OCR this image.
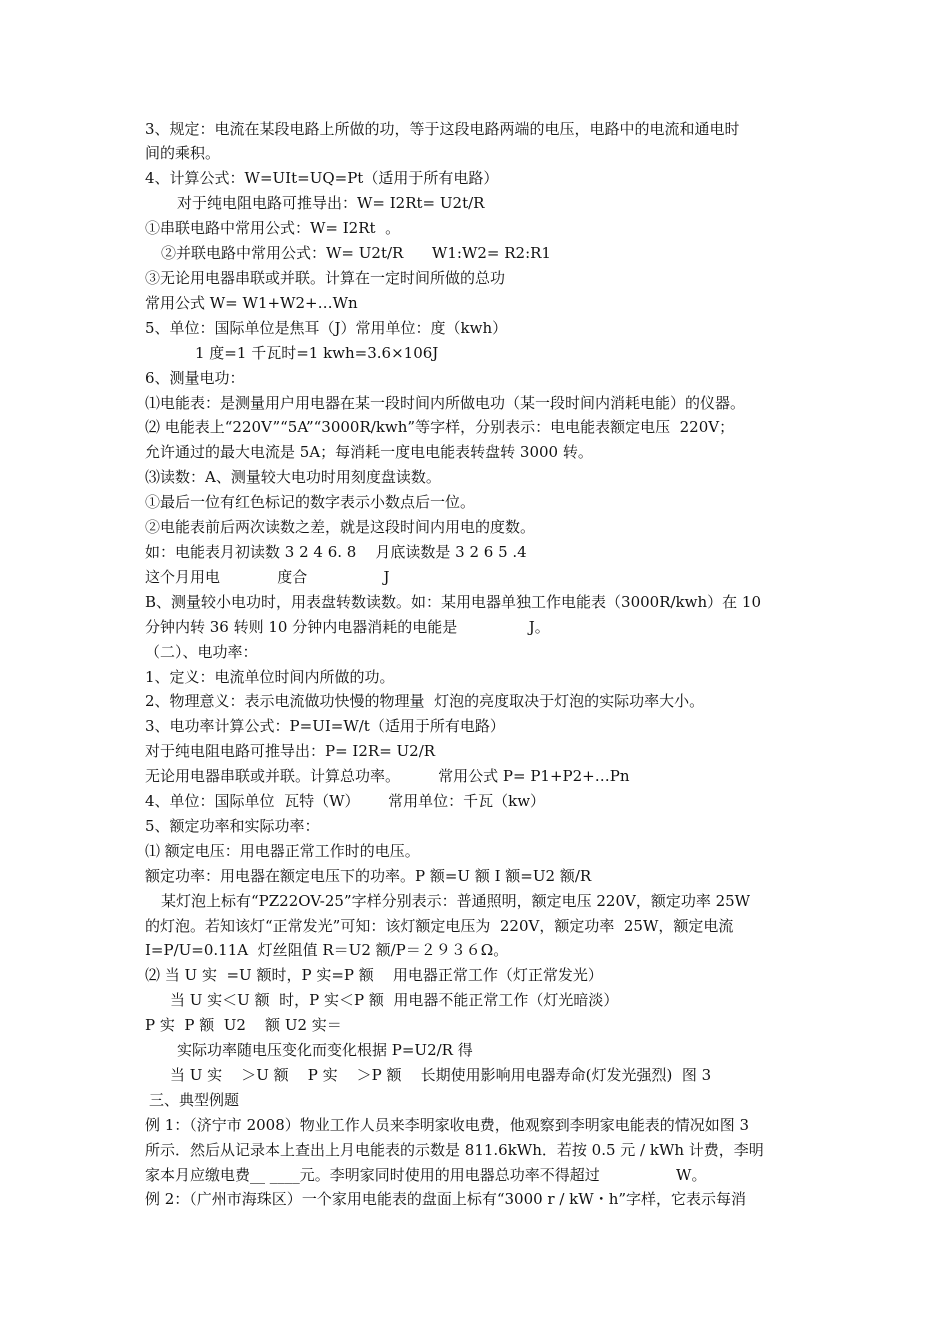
3、规定：电流在某段电路上所做的功，等于这段电路两端的电压，电路中的电流和通电时
间的乘积。
4、计算公式：W=UIt=UQ=Pt（适用于所有电路）
对于纯电阻电路可推导出：W= I2Rt= U2t/R
①串联电路中常用公式：W= I2Rt  。
②并联电路中常用公式：W= U2t/R      W1:W2= R2:R1
③无论用电器串联或并联。计算在一定时间所做的总功
常用公式 W= W1+W2+…Wn
5、单位：国际单位是焦耳（J）常用单位：度（kwh）
1 度=1 千瓦时=1 kwh=3.6×106J
6、测量电功：
⑴电能表：是测量用户用电器在某一段时间内所做电功（某一段时间内消耗电能）的仪器。
⑵ 电能表上“220V”“5A”“3000R/kwh”等字样，分别表示：电电能表额定电压  220V；
允许通过的最大电流是 5A；每消耗一度电电能表转盘转 3000 转。
⑶读数：A、测量较大电功时用刻度盘读数。
①最后一位有红色标记的数字表示小数点后一位。
②电能表前后两次读数之差，就是这段时间内用电的度数。
如：电能表月初读数 3 2 4 6. 8    月底读数是 3 2 6 5 .4
这个月用电            度合                J
B、测量较小电功时，用表盘转数读数。如：某用电器单独工作电能表（3000R/kwh）在 10
分钟内转 36 转则 10 分钟内电器消耗的电能是               J。
（二）、电功率：
1、定义：电流单位时间内所做的功。
2、物理意义：表示电流做功快慢的物理量  灯泡的亮度取决于灯泡的实际功率大小。
3、电功率计算公式：P=UI=W/t（适用于所有电路）
对于纯电阻电路可推导出：P= I2R= U2/R
无论用电器串联或并联。计算总功率。        常用公式 P= P1+P2+…Pn
4、单位：国际单位  瓦特（W）      常用单位：千瓦（kw）
5、额定功率和实际功率：
⑴ 额定电压：用电器正常工作时的电压。
额定功率：用电器在额定电压下的功率。P 额=U 额 I 额=U2 额/R
某灯泡上标有“PZ22OV-25”字样分别表示：普通照明，额定电压 220V，额定功率 25W
的灯泡。若知该灯“正常发光”可知：该灯额定电压为  220V，额定功率  25W，额定电流
I=P/U=0.11A  灯丝阻值 R＝U2 额/P＝２９３６Ω。
⑵ 当 U 实  =U 额时，P 实=P 额    用电器正常工作（灯正常发光）
当 U 实＜U 额  时，P 实＜P 额  用电器不能正常工作（灯光暗淡）
P 实  P 额  U2    额 U2 实＝
实际功率随电压变化而变化根据 P=U2/R 得
当 U 实    ＞U 额    P 实    ＞P 额    长期使用影响用电器寿命(灯发光强烈)  图 3
三、典型例题
例 1：（济宁市 2008）物业工作人员来李明家收电费，他观察到李明家电能表的情况如图 3
所示．然后从记录本上查出上月电能表的示数是 811.6kWh．若按 0.5 元 / kWh 计费，李明
家本月应缴电费__ ____元。李明家同时使用的用电器总功率不得超过                W。
例 2：（广州市海珠区）一个家用电能表的盘面上标有“3000 r / kW・h”字样，它表示每消
